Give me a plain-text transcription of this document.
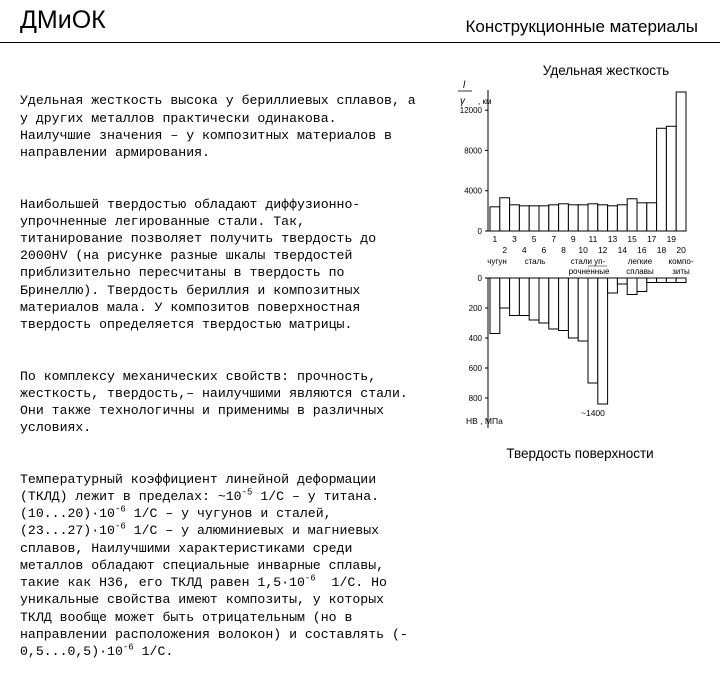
ДМиОК	Конструкционные материалы

Удельная жесткость высока у бериллиевых сплавов, а
у других металлов практически одинакова.
Наилучшие значения – у композитных материалов в
направлении армирования.

Наибольшей твердостью обладают диффузионно-
упрочненные легированные стали. Так,
титанирование позволяет получить твердость до
2000HV (на рисунке разные шкалы твердостей
приблизительно пересчитаны в твердость по
Бринеллю). Твердость бериллия и композитных
материалов мала. У композитов поверхностная
твердость определяется твердостью матрицы.

По комплексу механических свойств: прочность,
жесткость, твердость,– наилучшими являются стали.
Они также технологичны и применимы в различных
условиях.

Температурный коэффициент линейной деформации
(ТКЛД) лежит в пределах: $\sim 10^{-5}$ 1/С – у титана.
$(10...20)\cdot 10^{-6}$ 1/С – у чугунов и сталей,
$(23...27)\cdot 10^{-6}$ 1/С – у алюминиевых и магниевых
сплавов, Наилучшими характеристиками среди
металлов обладают специальные инварные сплавы,
такие как Н36, его ТКЛД равен $1,5\cdot 10^{-6}$  1/С. Но
уникальные свойства имеют композиты, у которых
ТКЛД вообще может быть отрицательным (но в
направлении расположения волокон) и составлять (-
$0,5...0,5)\cdot 10^{-6}$ 1/С.

Удельная жесткость
Твердость поверхности
l
γ , км
HB , МПа
чугун сталь	стали уп-
рочненные
легкие
сплавы
компо-
зиты
~1400
0
4000
8000
12000
0
200
400
600
800
1 3 5 7 9 11 13 15 17 19
2 4 6 8 10 12 14 16 18 20
